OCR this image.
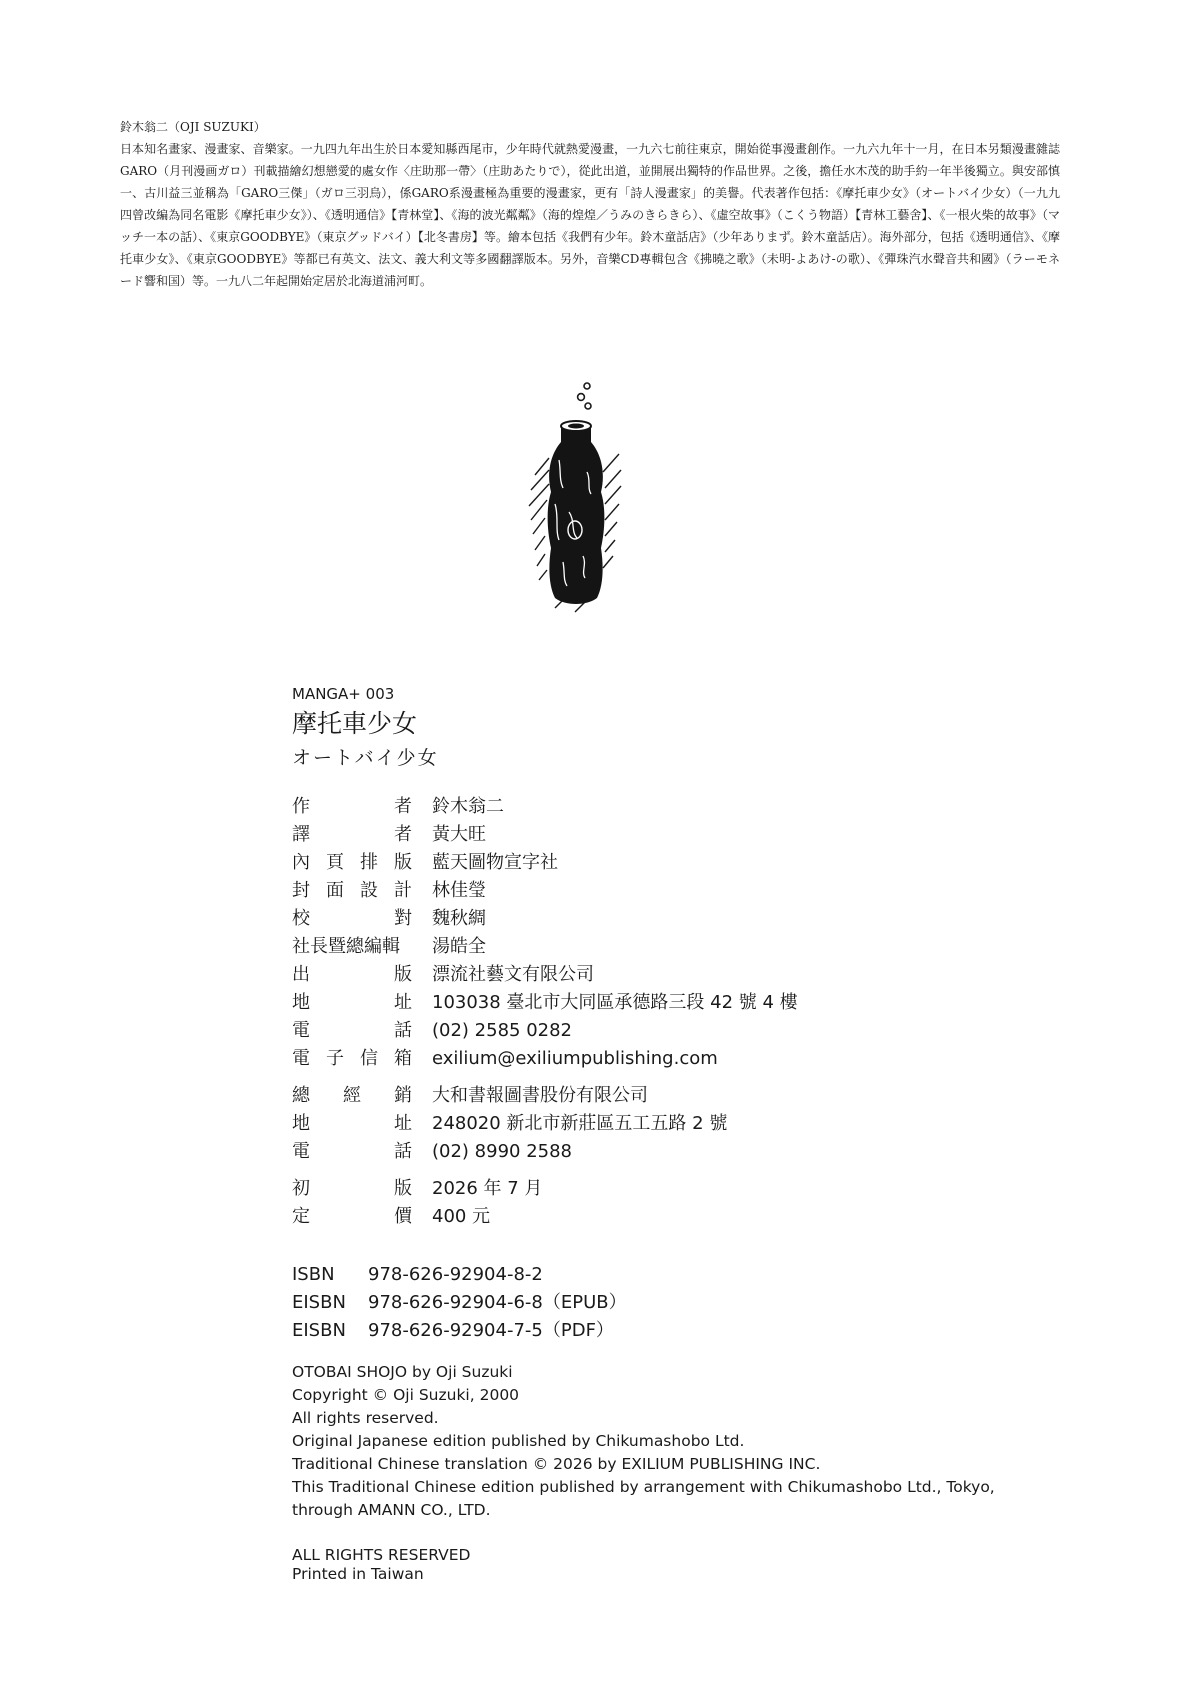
鈴木翁二（OJI SUZUKI）

日本知名畫家、漫畫家、音樂家。一九四九年出生於日本愛知縣西尾市，少年時代就熱愛漫畫，一九六七前往東京，開始從事漫畫創作。一九六九年十一月，在日本另類漫畫雜誌GARO（月刊漫画ガロ）刊載描繪幻想戀愛的處女作〈庄助那一帶〉（庄助あたりで），從此出道，並開展出獨特的作品世界。之後，擔任水木茂的助手約一年半後獨立。與安部慎一、古川益三並稱為「GARO三傑」（ガロ三羽烏），係GARO系漫畫極為重要的漫畫家，更有「詩人漫畫家」的美譽。代表著作包括：《摩托車少女》（オートバイ少女）（一九九四曾改編為同名電影《摩托車少女》）、《透明通信》【青林堂】、《海的波光粼粼》（海的煌煌／うみのきらきら）、《虛空故事》（こくう物語）【青林工藝舍】、《一根火柴的故事》（マッチ一本の話）、《東京GOODBYE》（東京グッドバイ）【北冬書房】等。繪本包括《我們有少年。鈴木童話店》（少年ありまず。鈴木童話店）。海外部分，包括《透明通信》、《摩托車少女》、《東京GOODBYE》等都已有英文、法文、義大利文等多國翻譯版本。另外，音樂CD專輯包含《拂曉之歌》（未明-よあけ-の歌）、《彈珠汽水聲音共和國》（ラーモネード響和国）等。一九八二年起開始定居於北海道浦河町。

MANGA+ 003
摩托車少女
オートバイ少女
作	者 鈴木翁二
譯	者 黃大旺
內 頁 排 版 藍天圖物宣字社
封 面 設 計 林佳瑩
校	對 魏秋綢
社長暨總編輯 湯皓全
出	版 漂流社藝文有限公司
地	址 103038 臺北市大同區承德路三段 42 號 4 樓
電	話 (02) 2585 0282
電 子 信 箱 exilium@exiliumpublishing.com
總 經 銷 大和書報圖書股份有限公司
地	址 248020 新北市新莊區五工五路 2 號
電	話 (02) 8990 2588
初	版 2026 年 7 月
定	價 400 元
ISBN	978-626-92904-8-2
EISBN	978-626-92904-6-8（EPUB）
EISBN	978-626-92904-7-5（PDF）
OTOBAI SHOJO by Oji Suzuki
Copyright © Oji Suzuki, 2000
All rights reserved.
Original Japanese edition published by Chikumashobo Ltd.
Traditional Chinese translation © 2026 by EXILIUM PUBLISHING INC.
This Traditional Chinese edition published by arrangement with Chikumashobo Ltd., Tokyo,
through AMANN CO., LTD.
ALL RIGHTS RESERVED
Printed in Taiwan
